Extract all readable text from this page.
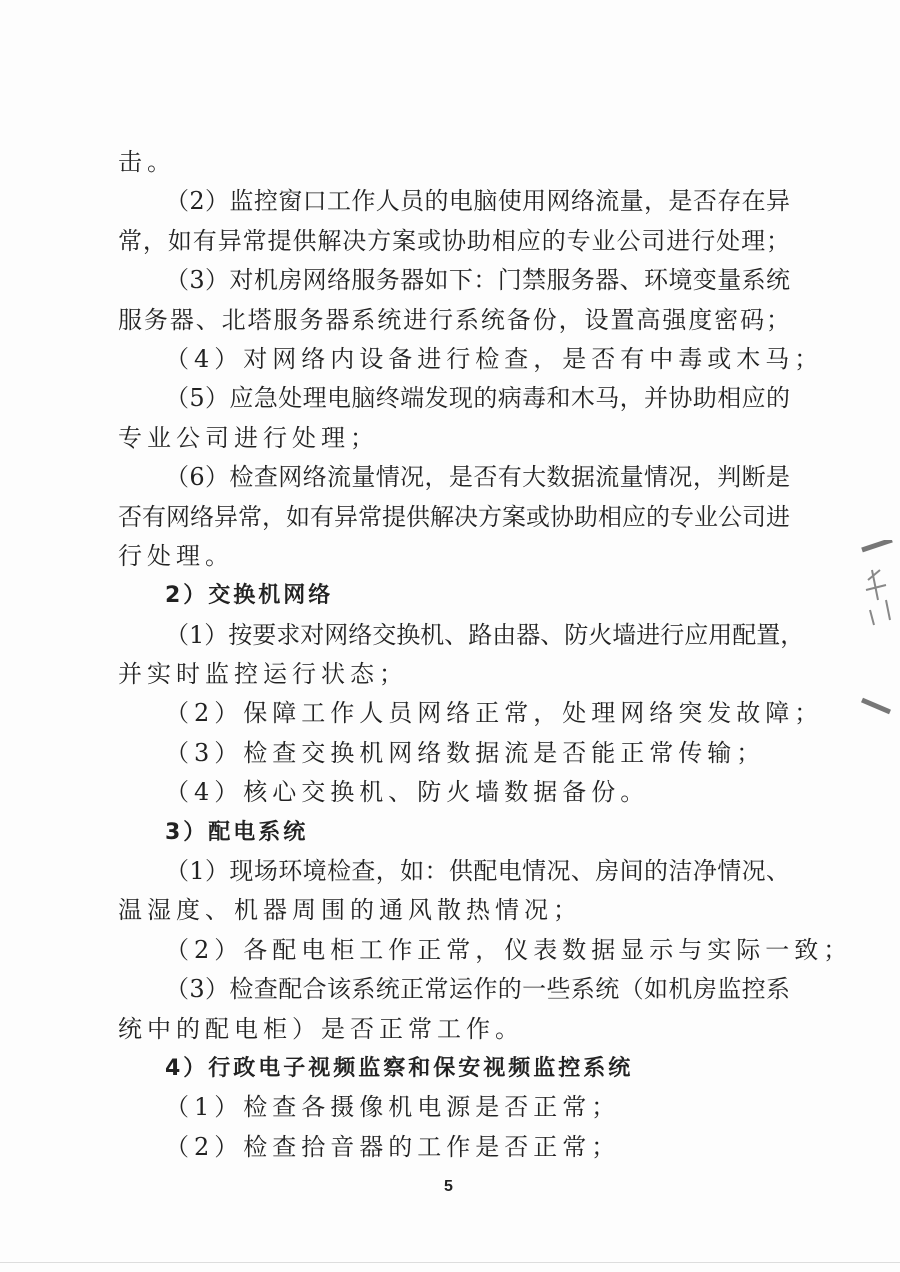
击。
（2）监控窗口工作人员的电脑使用网络流量，是否存在异
常，如有异常提供解决方案或协助相应的专业公司进行处理；
（3）对机房网络服务器如下：门禁服务器、环境变量系统
服务器、北塔服务器系统进行系统备份，设置高强度密码；
（4）对网络内设备进行检查，是否有中毒或木马；
（5）应急处理电脑终端发现的病毒和木马，并协助相应的
专业公司进行处理；
（6）检查网络流量情况，是否有大数据流量情况，判断是
否有网络异常，如有异常提供解决方案或协助相应的专业公司进
行处理。
2）交换机网络
（1）按要求对网络交换机、路由器、防火墙进行应用配置，
并实时监控运行状态；
（2）保障工作人员网络正常，处理网络突发故障；
（3）检查交换机网络数据流是否能正常传输；
（4）核心交换机、防火墙数据备份。
3）配电系统
（1）现场环境检查，如：供配电情况、房间的洁净情况、
温湿度、机器周围的通风散热情况；
（2）各配电柜工作正常，仪表数据显示与实际一致；
（3）检查配合该系统正常运作的一些系统（如机房监控系
统中的配电柜）是否正常工作。
4）行政电子视频监察和保安视频监控系统
（1）检查各摄像机电源是否正常；
（2）检查拾音器的工作是否正常；
5
